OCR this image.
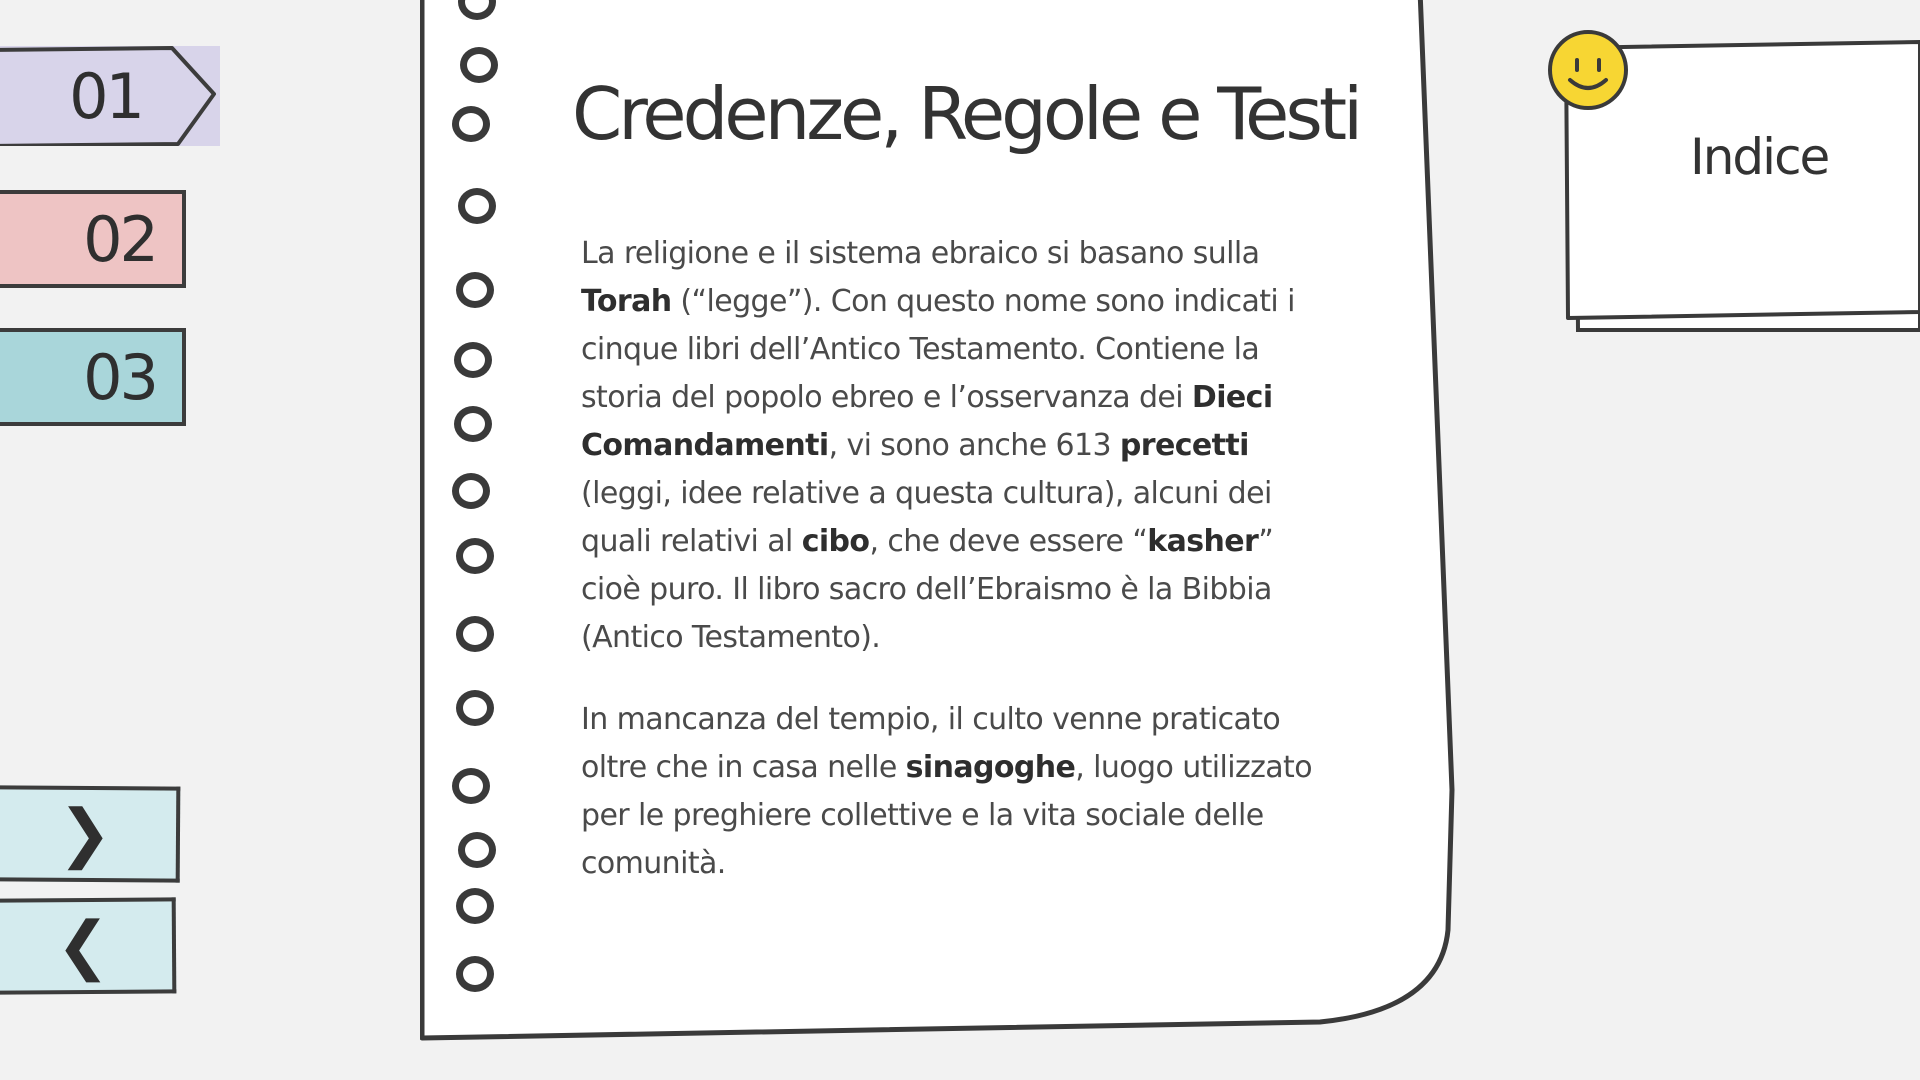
01
02
03
❯
❮
Credenze, Regole e Testi

La religione e il sistema ebraico si basano sulla Torah (“legge”). Con questo nome sono indicati i cinque libri dell’Antico Testamento. Contiene la storia del popolo ebreo e l’osservanza dei Dieci Comandamenti, vi sono anche 613 precetti (leggi, idee relative a questa cultura), alcuni dei quali relativi al cibo, che deve essere “kasher” cioè puro. Il libro sacro dell’Ebraismo è la Bibbia (Antico Testamento).

In mancanza del tempio, il culto venne praticato oltre che in casa nelle sinagoghe, luogo utilizzato per le preghiere collettive e la vita sociale delle comunità.

Indice
